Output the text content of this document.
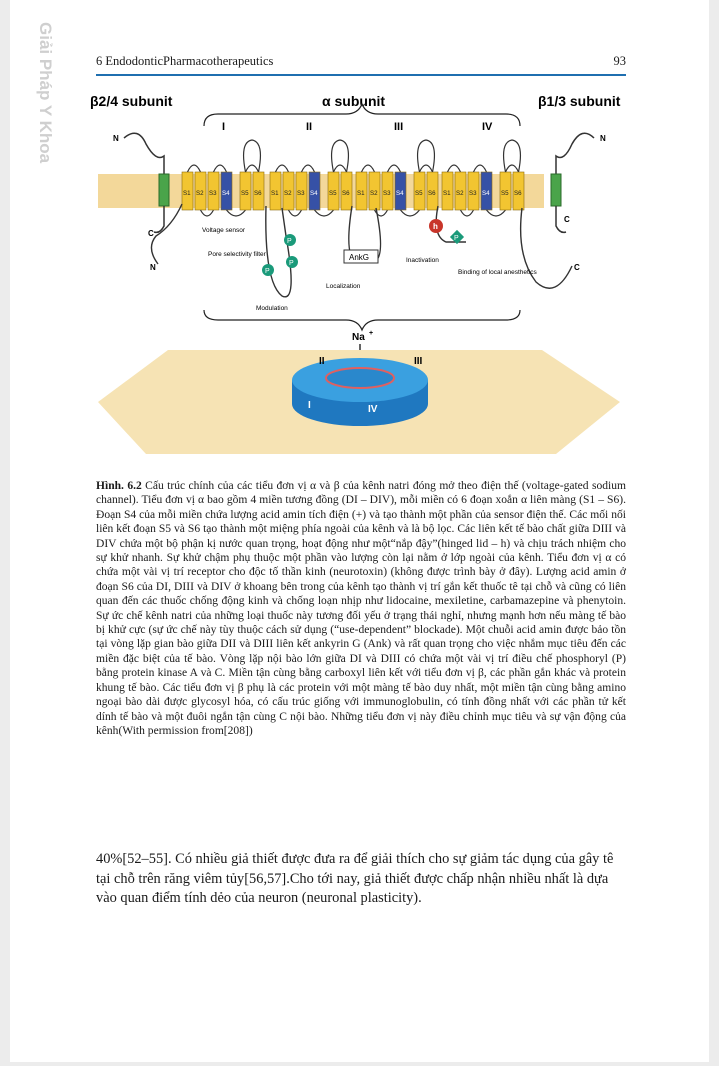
Giải Pháp Y Khoa	6 EndodonticPharmacotherapeutics	93
β2/4 subunit	α subunit	β1/3 subunit
I	II	III	IV
N
C
N
C
S1 S2 S3 S4 S5 S6 S1 S2 S3 S4 S5 S6 S1 S2 S3 S4 S5 S6 S1 S2 S3 S4 S5 S6
N	C
AnkG
P
P
P
P
h
Voltage sensor
Pore selectivity filter
Localization
Inactivation
Binding of local anesthetics
Modulation
Na +
II	III
I	IV
Hình. 6.2 Cấu trúc chính của các tiểu đơn vị α và β của kênh natri đóng mở theo điện thế (voltage-gated sodium channel). Tiểu đơn vị α bao gồm 4 miền tương đồng (DI – DIV), mỗi miền có 6 đoạn xoắn α liên màng (S1 – S6). Đoạn S4 của mỗi miền chứa lượng acid amin tích điện (+) và tạo thành một phần của sensor điện thế. Các mối nối liên kết đoạn S5 và S6 tạo thành một miệng phía ngoài của kênh và là bộ lọc. Các liên kết tế bào chất giữa DIII và DIV chứa một bộ phận kị nước quan trọng, hoạt động như một“nắp đậy”(hinged lid – h) và chịu trách nhiệm cho sự khử nhanh. Sự khử chậm phụ thuộc một phần vào lượng còn lại nằm ở lớp ngoài của kênh. Tiểu đơn vị α có chứa một vài vị trí receptor cho độc tố thần kinh (neurotoxin) (không được trình bày ở đây). Lượng acid amin ở đoạn S6 của DI, DIII và DIV ở khoang bên trong của kênh tạo thành vị trí gắn kết thuốc tê tại chỗ và cũng có liên quan đến các thuốc chống động kinh và chống loạn nhịp như lidocaine, mexiletine, carbamazepine và phenytoin. Sự ức chế kênh natri của những loại thuốc này tương đối yếu ở trạng thái nghỉ, nhưng mạnh hơn nếu màng tế bào bị khử cực (sự ức chế này tùy thuộc cách sử dụng (“use-dependent” blockade). Một chuỗi acid amin được bảo tồn tại vòng lặp gian bào giữa DII và DIII liên kết ankyrin G (Ank) và rất quan trọng cho việc nhắm mục tiêu đến các miền đặc biệt của tế bào. Vòng lặp nội bào lớn giữa DI và DIII có chứa một vài vị trí điều chế phosphoryl (P) bằng protein kinase A và C. Miền tận cùng bằng carboxyl liên kết với tiểu đơn vị β, các phần gắn khác và protein khung tế bào. Các tiểu đơn vị β phụ là các protein với một màng tế bào duy nhất, một miền tận cùng bằng amino ngoại bào dài được glycosyl hóa, có cấu trúc giống với immunoglobulin, có tính đồng nhất với các phần tử kết dính tế bào và một đuôi ngắn tận cùng C nội bào. Những tiểu đơn vị này điều chỉnh mục tiêu và sự vận động của kênh(With permission from[208])
40%[52–55]. Có nhiều giả thiết được đưa ra để giải thích cho sự giảm tác dụng của gây tê tại chỗ trên răng viêm tủy[56,57].Cho tới nay, giả thiết được chấp nhận nhiều nhất là dựa vào quan điểm tính dẻo của neuron (neuronal plasticity).
